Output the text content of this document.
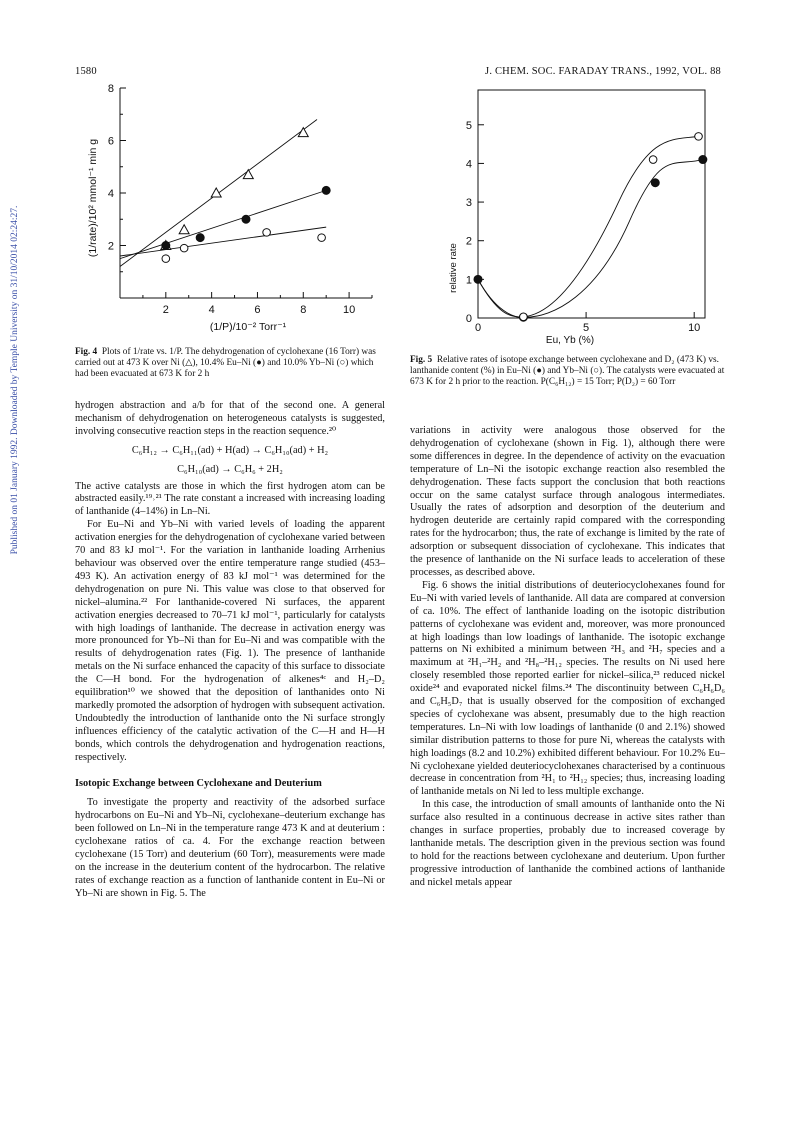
1580	J. CHEM. SOC. FARADAY TRANS., 1992, VOL. 88
Published on 01 January 1992. Downloaded by Temple University on 31/10/2014 02:24:27.	2
4
6
8
2	4	6	8	10
(1/rate)/10² mmol⁻¹ min g
(1/P)/10⁻² Torr⁻¹
Fig. 4 Plots of 1/rate vs. 1/P. The dehydrogenation of cyclohexane (16 Torr) was carried out at 473 K over Ni (△), 10.4% Eu–Ni (●) and 10.0% Yb–Ni (○) which had been evacuated at 673 K for 2 h
0
1
2
3
4
5
0	5	10
relative rate
Eu, Yb (%)
Fig. 5 Relative rates of isotope exchange between cyclohexane and D₂ (473 K) vs. lanthanide content (%) in Eu–Ni (●) and Yb–Ni (○). The catalysts were evacuated at 673 K for 2 h prior to the reaction. P(C₆H₁₂) = 15 Torr; P(D₂) = 60 Torr

hydrogen abstraction and a/b for that of the second one. A general mechanism of dehydrogenation on heterogeneous catalysts is suggested, involving consecutive reaction steps in the reaction sequence.²⁰

C₆H₁₂ → C₆H₁₁(ad) + H(ad) → C₆H₁₀(ad) + H₂

C₆H₁₀(ad) → C₆H₆ + 2H₂

The active catalysts are those in which the first hydrogen atom can be abstracted easily.¹⁹˒²¹ The rate constant a increased with increasing loading of lanthanide (4–14%) in Ln–Ni.

For Eu–Ni and Yb–Ni with varied levels of loading the apparent activation energies for the dehydrogenation of cyclohexane varied between 70 and 83 kJ mol⁻¹. For the variation in lanthanide loading Arrhenius behaviour was observed over the entire temperature range studied (453–493 K). An activation energy of 83 kJ mol⁻¹ was determined for the dehydrogenation on pure Ni. This value was close to that observed for nickel–alumina.²² For lanthanide-covered Ni surfaces, the apparent activation energies decreased to 70–71 kJ mol⁻¹, particularly for catalysts with high loadings of lanthanide. The decrease in activation energy was more pronounced for Yb–Ni than for Eu–Ni and was compatible with the results of dehydrogenation rates (Fig. 1). The presence of lanthanide metals on the Ni surface enhanced the capacity of this surface to dissociate the C—H bond. For the hydrogenation of alkenes⁴ᶜ and H₂–D₂ equilibration¹⁰ we showed that the deposition of lanthanides onto Ni markedly promoted the adsorption of hydrogen with subsequent activation. Undoubtedly the introduction of lanthanide onto the Ni surface strongly influences efficiency of the catalytic activation of the C—H and H—H bonds, which controls the dehydrogenation and hydrogenation reactions, respectively.

Isotopic Exchange between Cyclohexane and Deuterium

To investigate the property and reactivity of the adsorbed surface hydrocarbons on Eu–Ni and Yb–Ni, cyclohexane–deuterium exchange has been followed on Ln–Ni in the temperature range 473 K and at deuterium : cyclohexane ratios of ca. 4. For the exchange reaction between cyclohexane (15 Torr) and deuterium (60 Torr), measurements were made on the increase in the deuterium content of the hydrocarbon. The relative rates of exchange reaction as a function of lanthanide content in Eu–Ni or Yb–Ni are shown in Fig. 5. The

variations in activity were analogous those observed for the dehydrogenation of cyclohexane (shown in Fig. 1), although there were some differences in degree. In the dependence of activity on the evacuation temperature of Ln–Ni the isotopic exchange reaction also resembled the dehydrogenation. These facts support the conclusion that both reactions occur on the same catalyst surface through analogous intermediates. Usually the rates of adsorption and desorption of the deuterium and hydrogen deuteride are certainly rapid compared with the corresponding rates for the hydrocarbon; thus, the rate of exchange is limited by the rate of adsorption or subsequent dissociation of cyclohexane. This indicates that the presence of lanthanide on the Ni surface leads to acceleration of these processes, as described above.

Fig. 6 shows the initial distributions of deuteriocyclohexanes found for Eu–Ni with varied levels of lanthanide. All data are compared at conversion of ca. 10%. The effect of lanthanide loading on the isotopic distribution patterns of cyclohexane was evident and, moreover, was more pronounced at high loadings than low loadings of lanthanide. The isotopic exchange patterns on Ni exhibited a minimum between ²H₃ and ²H₇ species and a maximum at ²H₁–²H₂ and ²H₈–²H₁₂ species. The results on Ni used here closely resembled those reported earlier for nickel–silica,²³ reduced nickel oxide²⁴ and evaporated nickel films.²⁴ The discontinuity between C₆H₆D₆ and C₆H₅D₇ that is usually observed for the composition of exchanged species of cyclohexane was absent, presumably due to the high reaction temperatures. Ln–Ni with low loadings of lanthanide (0 and 2.1%) showed similar distribution patterns to those for pure Ni, whereas the catalysts with high loadings (8.2 and 10.2%) exhibited different behaviour. For 10.2% Eu–Ni cyclohexane yielded deuteriocyclohexanes characterised by a continuous decrease in concentration from ²H₁ to ²H₁₂ species; thus, increasing loading of lanthanide metals on Ni led to less multiple exchange.

In this case, the introduction of small amounts of lanthanide onto the Ni surface also resulted in a continuous decrease in active sites rather than changes in surface properties, probably due to increased coverage by lanthanide metals. The description given in the previous section was found to hold for the reactions between cyclohexane and deuterium. Upon further progressive introduction of lanthanide the combined actions of lanthanide and nickel metals appear
